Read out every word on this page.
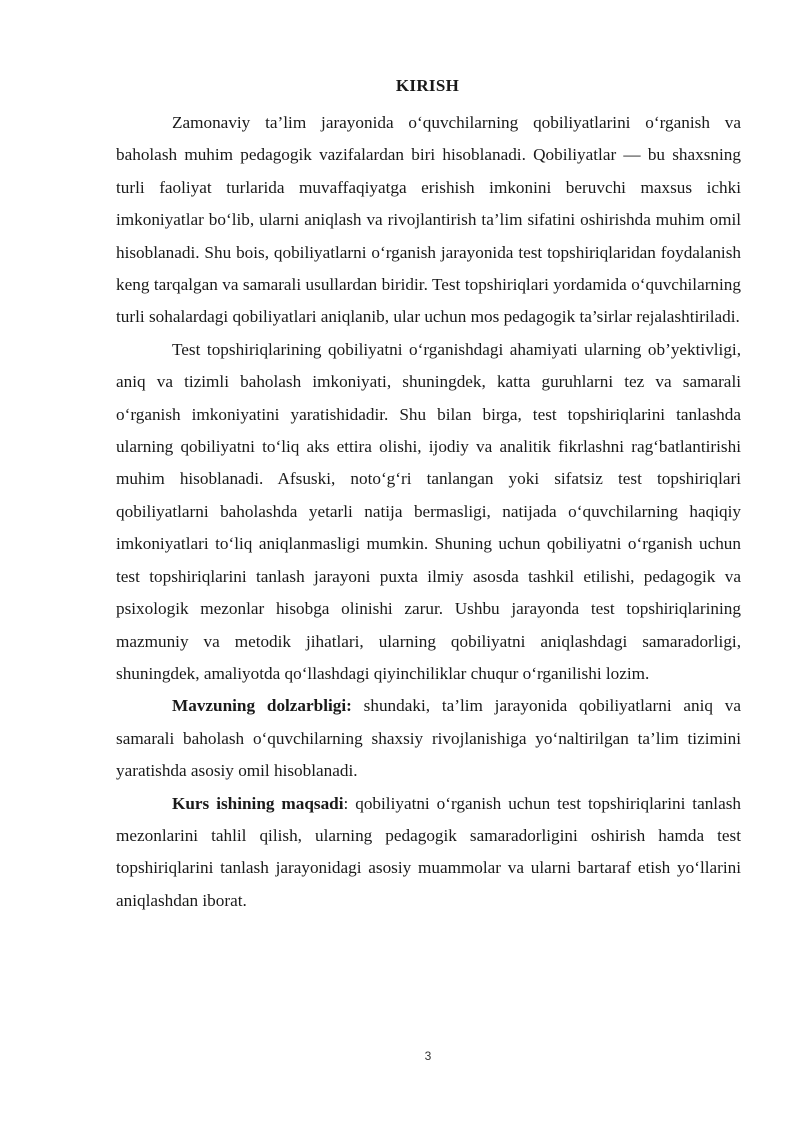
KIRISH

Zamonaviy ta’lim jarayonida o‘quvchilarning qobiliyatlarini o‘rganish va baholash muhim pedagogik vazifalardan biri hisoblanadi. Qobiliyatlar — bu shaxsning turli faoliyat turlarida muvaffaqiyatga erishish imkonini beruvchi maxsus ichki imkoniyatlar bo‘lib, ularni aniqlash va rivojlantirish ta’lim sifatini oshirishda muhim omil hisoblanadi. Shu bois, qobiliyatlarni o‘rganish jarayonida test topshiriqlaridan foydalanish keng tarqalgan va samarali usullardan biridir. Test topshiriqlari yordamida o‘quvchilarning turli sohalardagi qobiliyatlari aniqlanib, ular uchun mos pedagogik ta’sirlar rejalashtiriladi.

Test topshiriqlarining qobiliyatni o‘rganishdagi ahamiyati ularning ob’yektivligi, aniq va tizimli baholash imkoniyati, shuningdek, katta guruhlarni tez va samarali o‘rganish imkoniyatini yaratishidadir. Shu bilan birga, test topshiriqlarini tanlashda ularning qobiliyatni to‘liq aks ettira olishi, ijodiy va analitik fikrlashni rag‘batlantirishi muhim hisoblanadi. Afsuski, noto‘g‘ri tanlangan yoki sifatsiz test topshiriqlari qobiliyatlarni baholashda yetarli natija bermasligi, natijada o‘quvchilarning haqiqiy imkoniyatlari to‘liq aniqlanmasligi mumkin. Shuning uchun qobiliyatni o‘rganish uchun test topshiriqlarini tanlash jarayoni puxta ilmiy asosda tashkil etilishi, pedagogik va psixologik mezonlar hisobga olinishi zarur. Ushbu jarayonda test topshiriqlarining mazmuniy va metodik jihatlari, ularning qobiliyatni aniqlashdagi samaradorligi, shuningdek, amaliyotda qo‘llashdagi qiyinchiliklar chuqur o‘rganilishi lozim.

Mavzuning dolzarbligi: shundaki, ta’lim jarayonida qobiliyatlarni aniq va samarali baholash o‘quvchilarning shaxsiy rivojlanishiga yo‘naltirilgan ta’lim tizimini yaratishda asosiy omil hisoblanadi.

Kurs ishining maqsadi: qobiliyatni o‘rganish uchun test topshiriqlarini tanlash mezonlarini tahlil qilish, ularning pedagogik samaradorligini oshirish hamda test topshiriqlarini tanlash jarayonidagi asosiy muammolar va ularni bartaraf etish yo‘llarini aniqlashdan iborat.

3
